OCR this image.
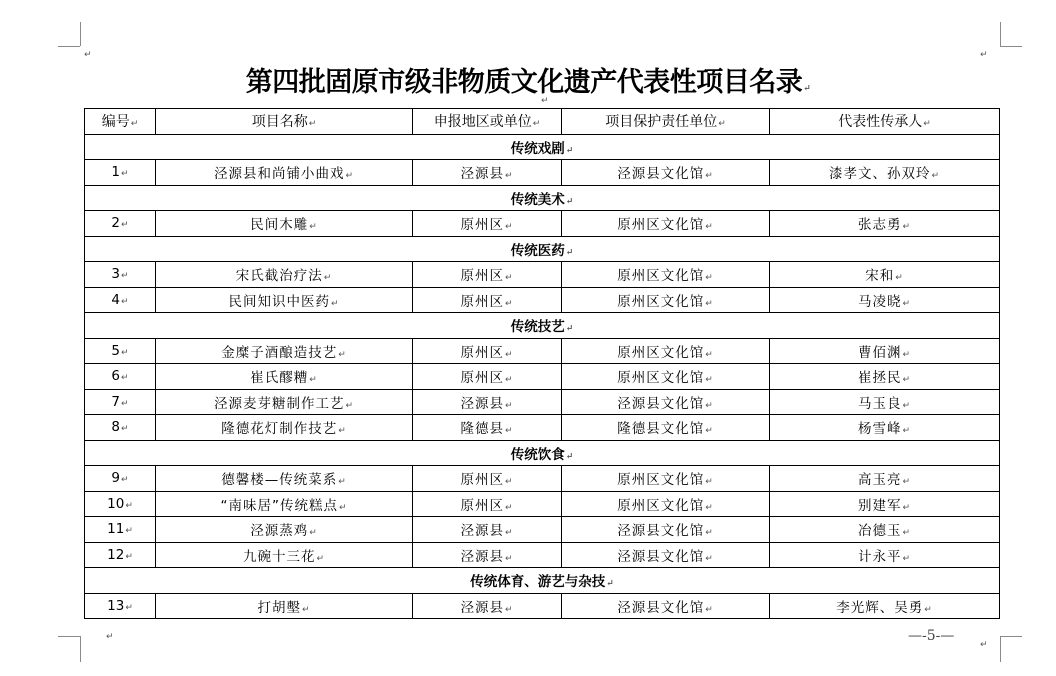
↵
↵
↵
↵
第四批固原市级非物质文化遗产代表性项目名录↵
编号↵	项目名称↵	申报地区或单位↵	项目保护责任单位↵	代表性传承人↵
传统戏剧↵				
1↵	泾源县和尚铺小曲戏↵	泾源县↵	泾源县文化馆↵	漆孝文、孙双玲↵
传统美术↵				
2↵	民间木雕↵	原州区↵	原州区文化馆↵	张志勇↵
传统医药↵				
3↵	宋氏截治疗法↵	原州区↵	原州区文化馆↵	宋和↵
4↵	民间知识中医药↵	原州区↵	原州区文化馆↵	马凌晓↵
传统技艺↵				
5↵	金糜子酒酿造技艺↵	原州区↵	原州区文化馆↵	曹佰渊↵
6↵	崔氏醪糟↵	原州区↵	原州区文化馆↵	崔拯民↵
7↵	泾源麦芽糖制作工艺↵	泾源县↵	泾源县文化馆↵	马玉良↵
8↵	隆德花灯制作技艺↵	隆德县↵	隆德县文化馆↵	杨雪峰↵
传统饮食↵				
9↵	德馨楼—传统菜系↵	原州区↵	原州区文化馆↵	高玉亮↵
10↵	“南味居”传统糕点↵	原州区↵	原州区文化馆↵	别建军↵
11↵	泾源蒸鸡↵	泾源县↵	泾源县文化馆↵	冶德玉↵
12↵	九碗十三花↵	泾源县↵	泾源县文化馆↵	计永平↵
传统体育、游艺与杂技↵				
13↵	打胡墼↵	泾源县↵	泾源县文化馆↵	李光辉、吴勇↵
—-5-—
↵
